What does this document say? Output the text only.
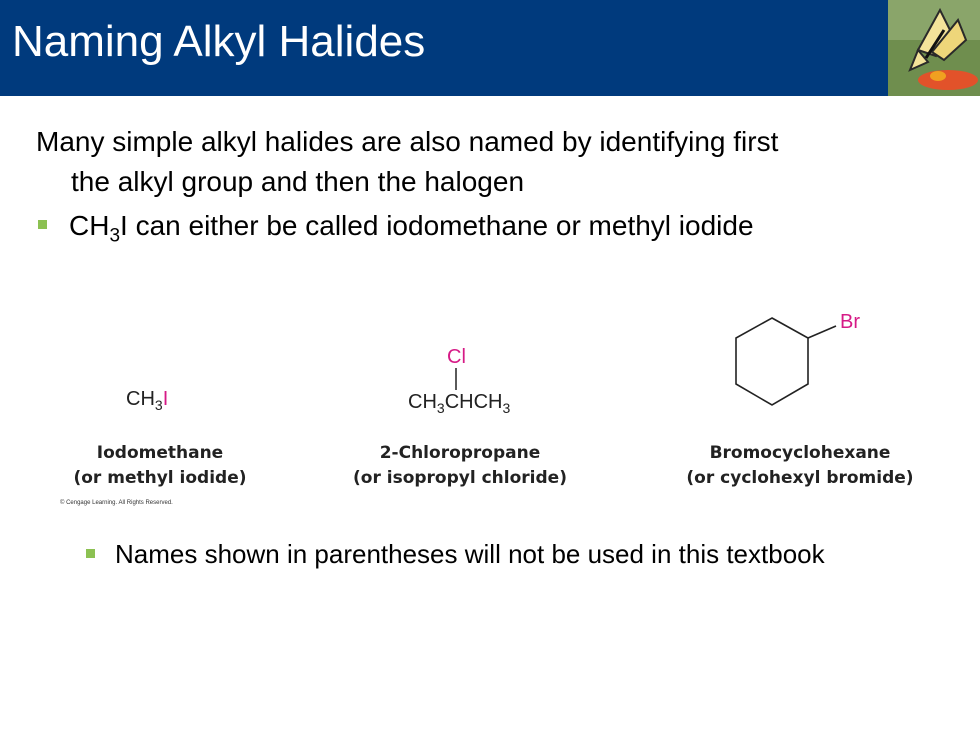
Naming Alkyl Halides
Many simple alkyl halides are also named by identifying first
the alkyl group and then the halogen
$CH_3I$ can either be called iodomethane or methyl iodide
$CH_3I$
Iodomethane
(or methyl iodide)
© Cengage Learning. All Rights Reserved.
Cl
$CH_3CHCH_3$
2-Chloropropane
(or isopropyl chloride)
Br
Bromocyclohexane
(or cyclohexyl bromide)
Names shown in parentheses will not be used in this textbook
